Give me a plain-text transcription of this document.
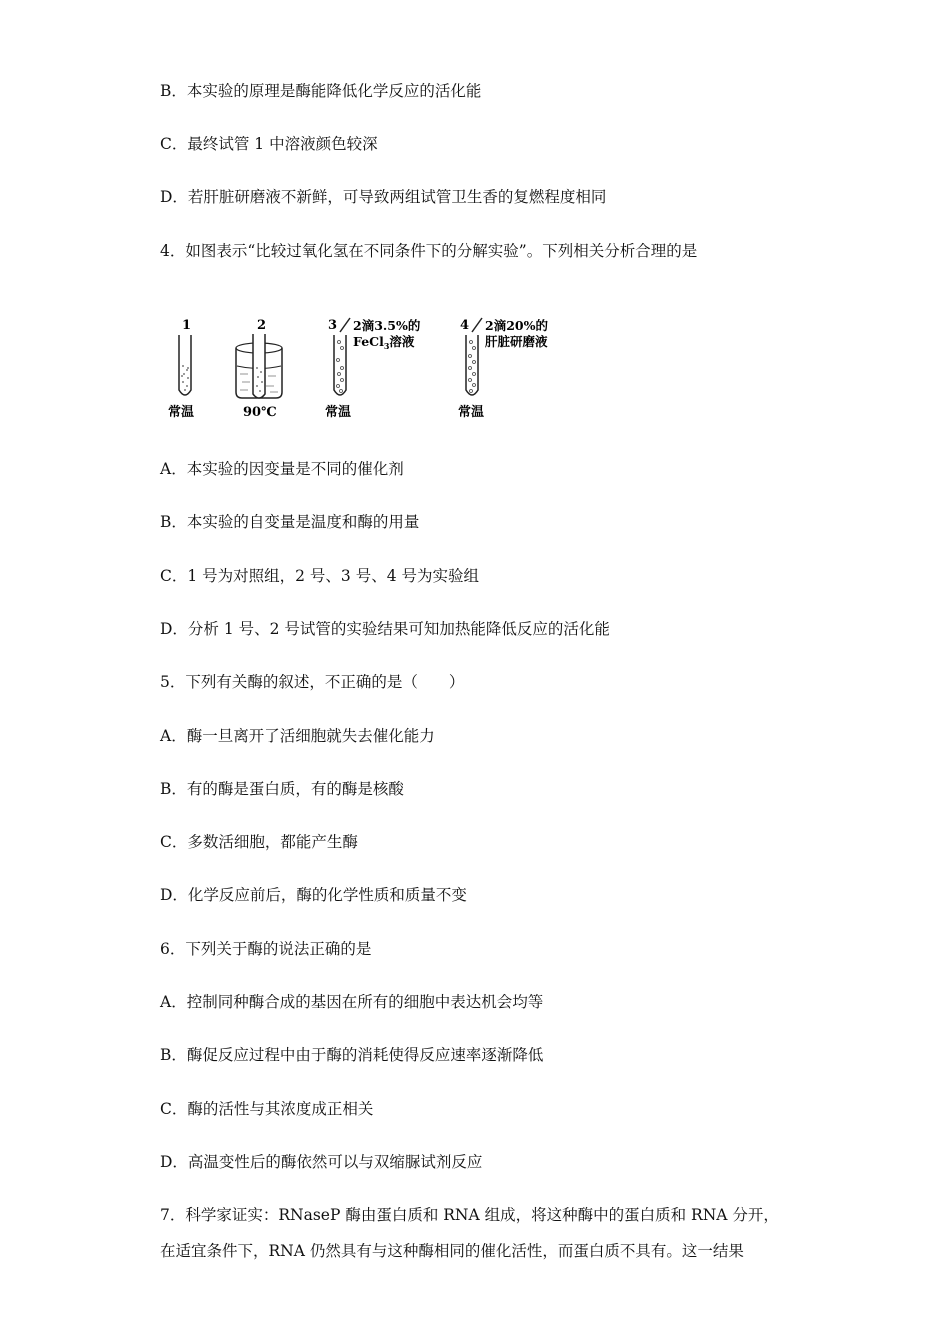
B．本实验的原理是酶能降低化学反应的活化能
C．最终试管 1 中溶液颜色较深
D．若肝脏研磨液不新鲜，可导致两组试管卫生香的复燃程度相同
4．如图表示“比较过氧化氢在不同条件下的分解实验”。下列相关分析合理的是
1
常温
2
90℃
3 2滴3.5%的
FeCl$_3$溶液
常温
4 2滴20%的
肝脏研磨液
常温
A．本实验的因变量是不同的催化剂
B．本实验的自变量是温度和酶的用量
C．1 号为对照组，2 号、3 号、4 号为实验组
D．分析 1 号、2 号试管的实验结果可知加热能降低反应的活化能
5．下列有关酶的叙述，不正确的是（　　）
A．酶一旦离开了活细胞就失去催化能力
B．有的酶是蛋白质，有的酶是核酸
C．多数活细胞，都能产生酶
D．化学反应前后，酶的化学性质和质量不变
6．下列关于酶的说法正确的是
A．控制同种酶合成的基因在所有的细胞中表达机会均等
B．酶促反应过程中由于酶的消耗使得反应速率逐渐降低
C．酶的活性与其浓度成正相关
D．高温变性后的酶依然可以与双缩脲试剂反应
7．科学家证实：RNaseP 酶由蛋白质和 RNA 组成，将这种酶中的蛋白质和 RNA 分开，
在适宜条件下，RNA 仍然具有与这种酶相同的催化活性，而蛋白质不具有。这一结果
